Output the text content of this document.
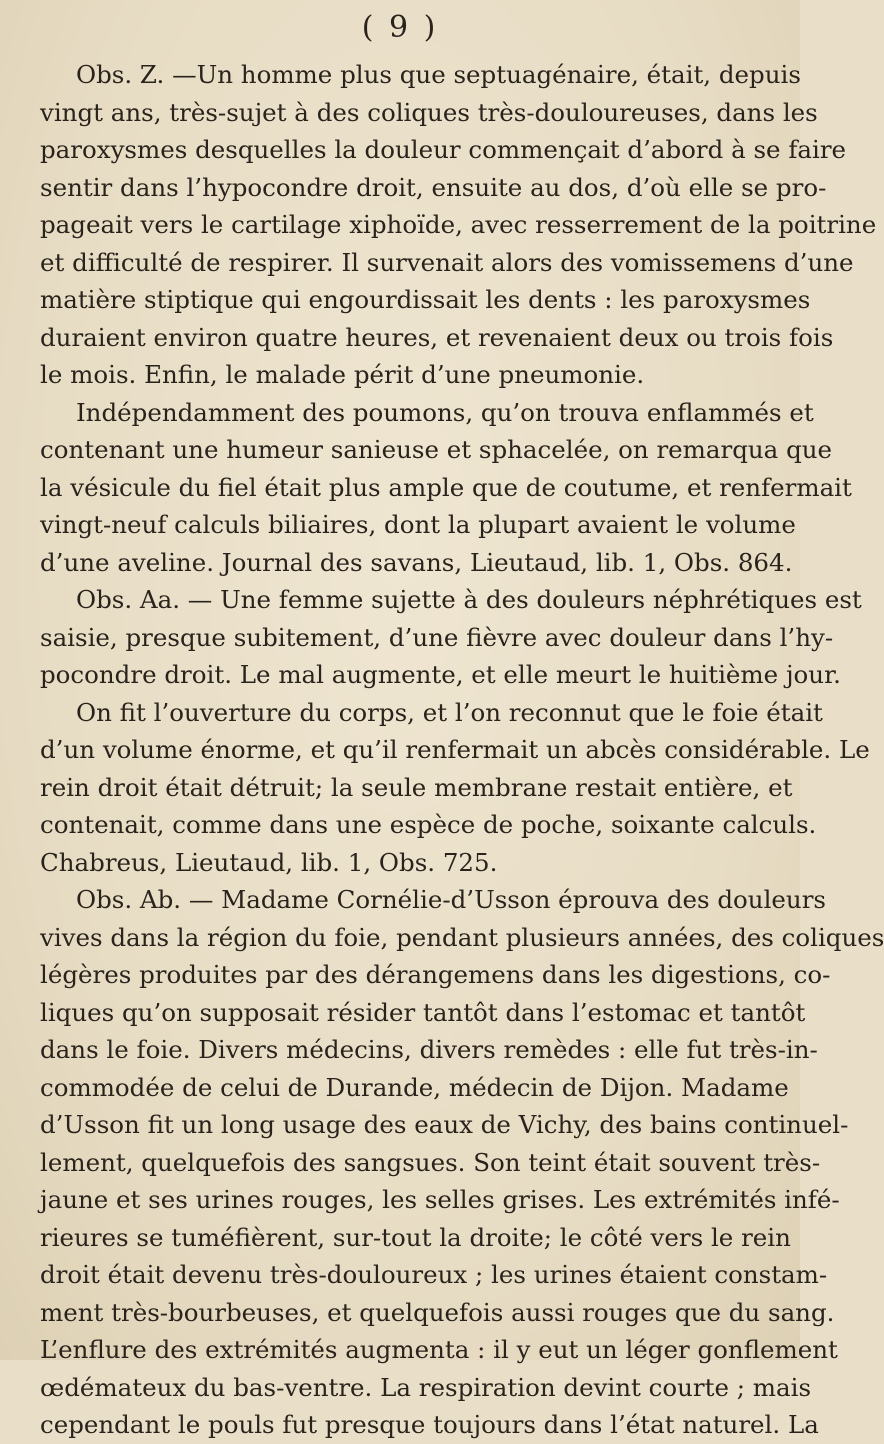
( 9 )
Obs. Z. —Un homme plus que septuagénaire, était, depuis
vingt ans, très-sujet à des coliques très-douloureuses, dans les
paroxysmes desquelles la douleur commençait d’abord à se faire
sentir dans l’hypocondre droit, ensuite au dos, d’où elle se pro-
pageait vers le cartilage xiphoïde, avec resserrement de la poitrine
et difficulté de respirer. Il survenait alors des vomissemens d’une
matière stiptique qui engourdissait les dents : les paroxysmes
duraient environ quatre heures, et revenaient deux ou trois fois
le mois. Enfin, le malade périt d’une pneumonie.
Indépendamment des poumons, qu’on trouva enflammés et
contenant une humeur sanieuse et sphacelée, on remarqua que
la vésicule du fiel était plus ample que de coutume, et renfermait
vingt-neuf calculs biliaires, dont la plupart avaient le volume
d’une aveline. Journal des savans, Lieutaud, lib. 1, Obs. 864.
Obs. Aa. — Une femme sujette à des douleurs néphrétiques est
saisie, presque subitement, d’une fièvre avec douleur dans l’hy-
pocondre droit. Le mal augmente, et elle meurt le huitième jour.
On fit l’ouverture du corps, et l’on reconnut que le foie était
d’un volume énorme, et qu’il renfermait un abcès considérable. Le
rein droit était détruit; la seule membrane restait entière, et
contenait, comme dans une espèce de poche, soixante calculs.
Chabreus, Lieutaud, lib. 1, Obs. 725.
Obs. Ab. — Madame Cornélie-d’Usson éprouva des douleurs
vives dans la région du foie, pendant plusieurs années, des coliques
légères produites par des dérangemens dans les digestions, co-
liques qu’on supposait résider tantôt dans l’estomac et tantôt
dans le foie. Divers médecins, divers remèdes : elle fut très-in-
commodée de celui de Durande, médecin de Dijon. Madame
d’Usson fit un long usage des eaux de Vichy, des bains continuel-
lement, quelquefois des sangsues. Son teint était souvent très-
jaune et ses urines rouges, les selles grises. Les extrémités infé-
rieures se tuméfièrent, sur-tout la droite; le côté vers le rein
droit était devenu très-douloureux ; les urines étaient constam-
ment très-bourbeuses, et quelquefois aussi rouges que du sang.
L’enflure des extrémités augmenta : il y eut un léger gonflement
œdémateux du bas-ventre. La respiration devint courte ; mais
cependant le pouls fut presque toujours dans l’état naturel. La
